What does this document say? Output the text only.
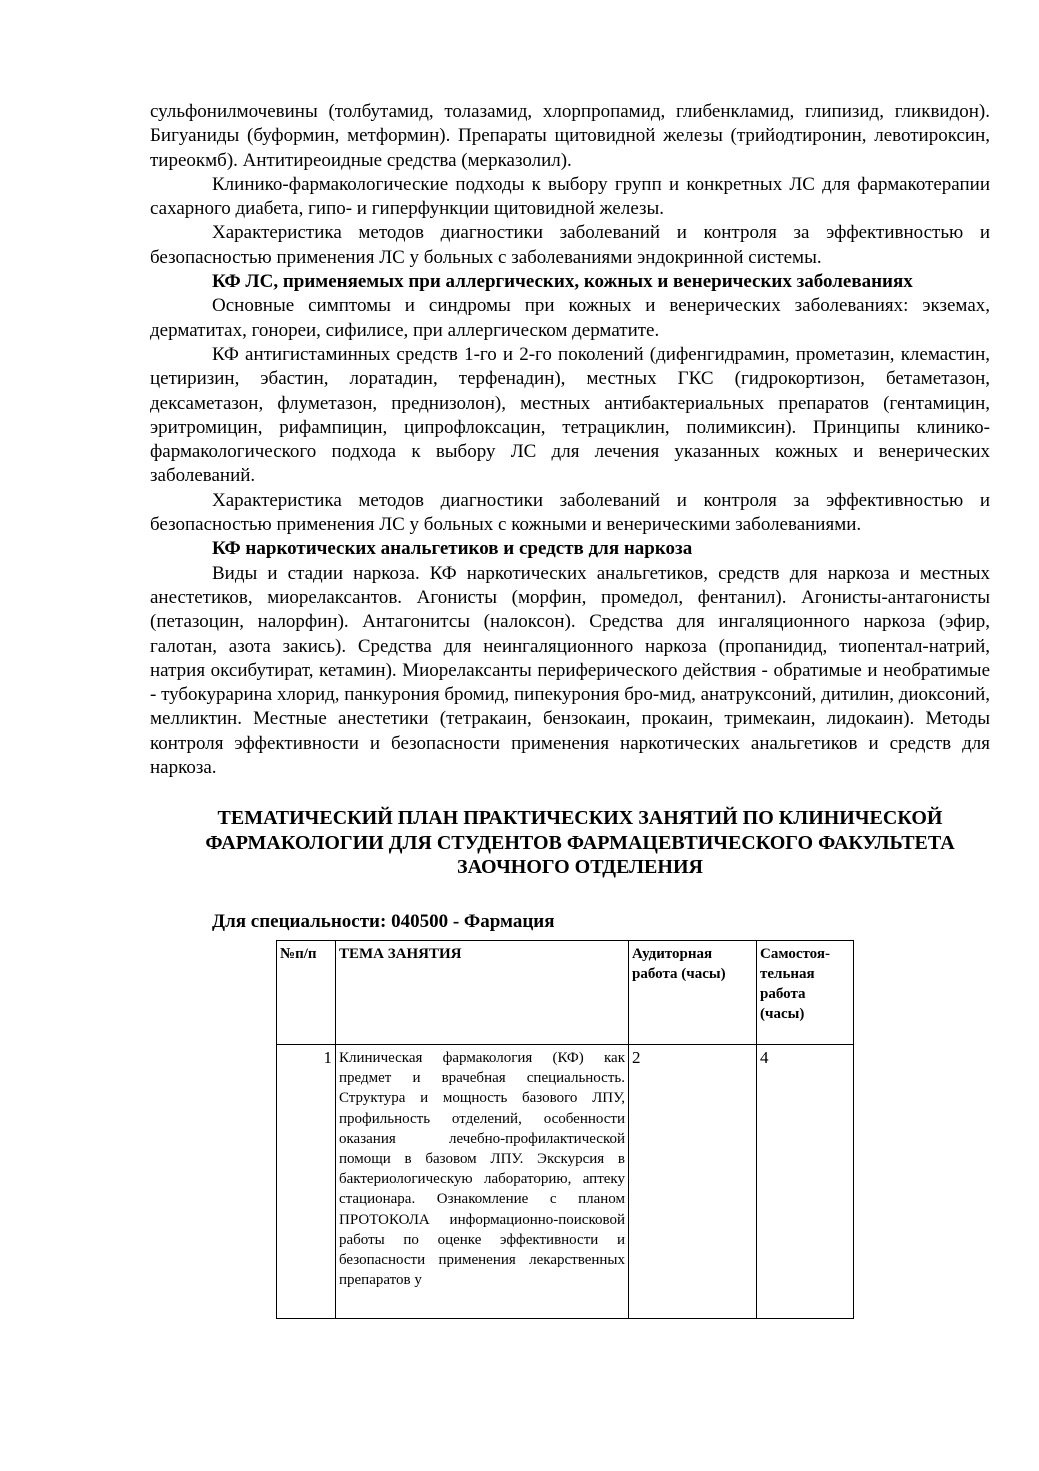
сульфонилмочевины (толбутамид, толазамид, хлорпропамид, глибенкламид, глипизид, гликвидон). Бигуаниды (буформин, метформин). Препараты щитовидной железы (трийодтиронин, левотироксин, тиреокмб). Антитиреоидные средства (мерказолил).

Клинико-фармакологические подходы к выбору групп и конкретных ЛС для фармакотерапии сахарного диабета, гипо- и гиперфункции щитовидной железы.

Характеристика методов диагностики заболеваний и контроля за эффективностью и безопасностью применения ЛС у больных с заболеваниями эндокринной системы.

КФ ЛС, применяемых при аллергических, кожных и венерических заболеваниях

Основные симптомы и синдромы при кожных и венерических заболеваниях: экземах, дерматитах, гонореи, сифилисе, при аллергическом дерматите.

КФ антигистаминных средств 1-го и 2-го поколений (дифенгидрамин, прометазин, клемастин, цетиризин, эбастин, лоратадин, терфенадин), местных ГКС (гидрокортизон, бетаметазон, дексаметазон, флуметазон, преднизолон), местных антибактериальных препаратов (гентамицин, эритромицин, рифампицин, ципрофлоксацин, тетрациклин, полимиксин). Принципы клинико-фармакологического подхода к выбору ЛС для лечения указанных кожных и венерических заболеваний.

Характеристика методов диагностики заболеваний и контроля за эффективностью и безопасностью применения ЛС у больных с кожными и венерическими заболеваниями.

КФ наркотических анальгетиков и средств для наркоза

Виды и стадии наркоза. КФ наркотических анальгетиков, средств для наркоза и местных анестетиков, миорелаксантов. Агонисты (морфин, промедол, фентанил). Агонисты-антагонисты (петазоцин, налорфин). Антагонитсы (налоксон). Средства для ингаляционного наркоза (эфир, галотан, азота закись). Средства для неингаляционного наркоза (пропанидид, тиопентал-натрий, натрия оксибутират, кетамин). Миорелаксанты периферического действия - обратимые и необратимые - тубокурарина хлорид, панкурония бромид, пипекурония бро-мид, анатруксоний, дитилин, диоксоний, мелликтин. Местные анестетики (тетракаин, бензокаин, прокаин, тримекаин, лидокаин). Методы контроля эффективности и безопасности применения наркотических анальгетиков и средств для наркоза.

ТЕМАТИЧЕСКИЙ ПЛАН ПРАКТИЧЕСКИХ ЗАНЯТИЙ ПО КЛИНИЧЕСКОЙ
ФАРМАКОЛОГИИ ДЛЯ СТУДЕНТОВ ФАРМАЦЕВТИЧЕСКОГО ФАКУЛЬТЕТА
ЗАОЧНОГО ОТДЕЛЕНИЯ
Для специальности: 040500 - Фармация
№п/п	ТЕМА ЗАНЯТИЯ	Аудиторная работа (часы)	Самостоя-тельная работа (часы)
1	Клиническая фармакология (КФ) как предмет и врачебная специальность. Структура и мощность базового ЛПУ, профильность отделений, особенности оказания лечебно-профилактической помощи в базовом ЛПУ. Экскурсия в бактериологическую лабораторию, аптеку стационара. Ознакомление с планом ПРОТОКОЛА информационно-поисковой работы по оценке эффективности и безопасности применения лекарственных препаратов у	2	4
